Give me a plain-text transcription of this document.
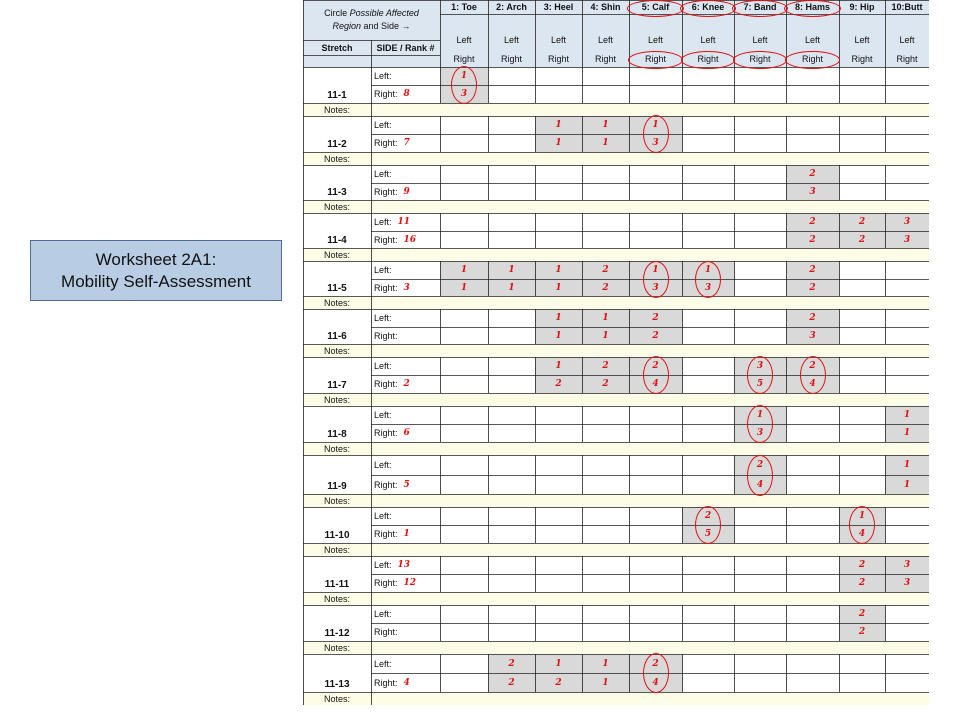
Worksheet 2A1:
Mobility Self-Assessment
Circle Possible Affected
Region and Side →
Stretch	SIDE / Rank #
1: Toe
Left
Right
2: Arch
Left
Right
3: Heel
Left
Right
4: Shin
Left
Right
5: Calf
Left
Right
6: Knee
Left
Right
7: Band
Left
Right
8: Hams
Left
Right
9: Hip
Left
Right
10:Butt
Left
Right
11-1
Left:
Right: 8
1
3
Notes:
11-2
Left:
Right: 7
1
1
1
1
1
3
Notes:
11-3
Left:
Right: 9
2
3
Notes:
11-4
Left: 11
Right: 16
2
2
2
2
3
3
Notes:
11-5
Left:
Right: 3
1
1
1
1
1
1
2
2
1
3
1
3
2
2
Notes:
11-6
Left:
Right:
1
1
1
1
2
2
2
3
Notes:
11-7
Left:
Right: 2
1
2
2
2
2
4
3
5
2
4
Notes:
11-8
Left:
Right: 6
1
3
1
1
Notes:
11-9
Left:
Right: 5
2
4
1
1
Notes:
11-10
Left:
Right: 1
2
5
1
4
Notes:
11-11
Left: 13
Right: 12
2
2
3
3
Notes:
11-12
Left:
Right:
2
2
Notes:
11-13
Left:
Right: 4
2
2
1
2
1
1
2
4
Notes:
